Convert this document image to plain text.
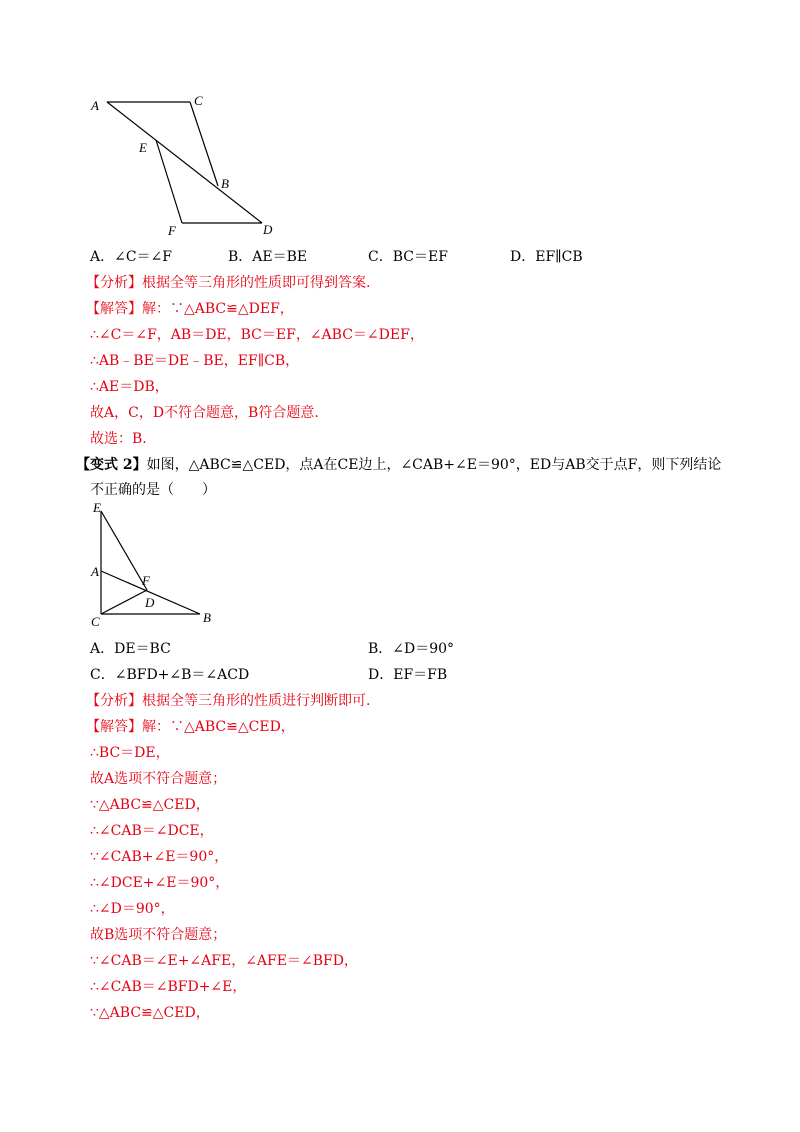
A	C
E
B
F	D
A．∠C＝∠F	B．AE＝BE	C．BC＝EF	D．EF∥CB
【分析】根据全等三角形的性质即可得到答案.
【解答】解：∵△ABC≌△DEF，
∴∠C＝∠F，AB＝DE，BC＝EF，∠ABC＝∠DEF，
∴AB﹣BE＝DE﹣BE，EF∥CB，
∴AE＝DB，
故A，C，D不符合题意，B符合题意.
故选：B.
【变式 2】如图，△ABC≌△CED，点A在CE边上，∠CAB+∠E＝90°，ED与AB交于点F，则下列结论
不正确的是（　　）
E
A
F
D
C	B
A．DE＝BC	B．∠D＝90°
C．∠BFD+∠B＝∠ACD	D．EF＝FB
【分析】根据全等三角形的性质进行判断即可.
【解答】解：∵△ABC≌△CED，
∴BC＝DE，
故A选项不符合题意；
∵△ABC≌△CED，
∴∠CAB＝∠DCE，
∵∠CAB+∠E＝90°，
∴∠DCE+∠E＝90°，
∴∠D＝90°，
故B选项不符合题意；
∵∠CAB＝∠E+∠AFE，∠AFE＝∠BFD，
∴∠CAB＝∠BFD+∠E，
∵△ABC≌△CED，
